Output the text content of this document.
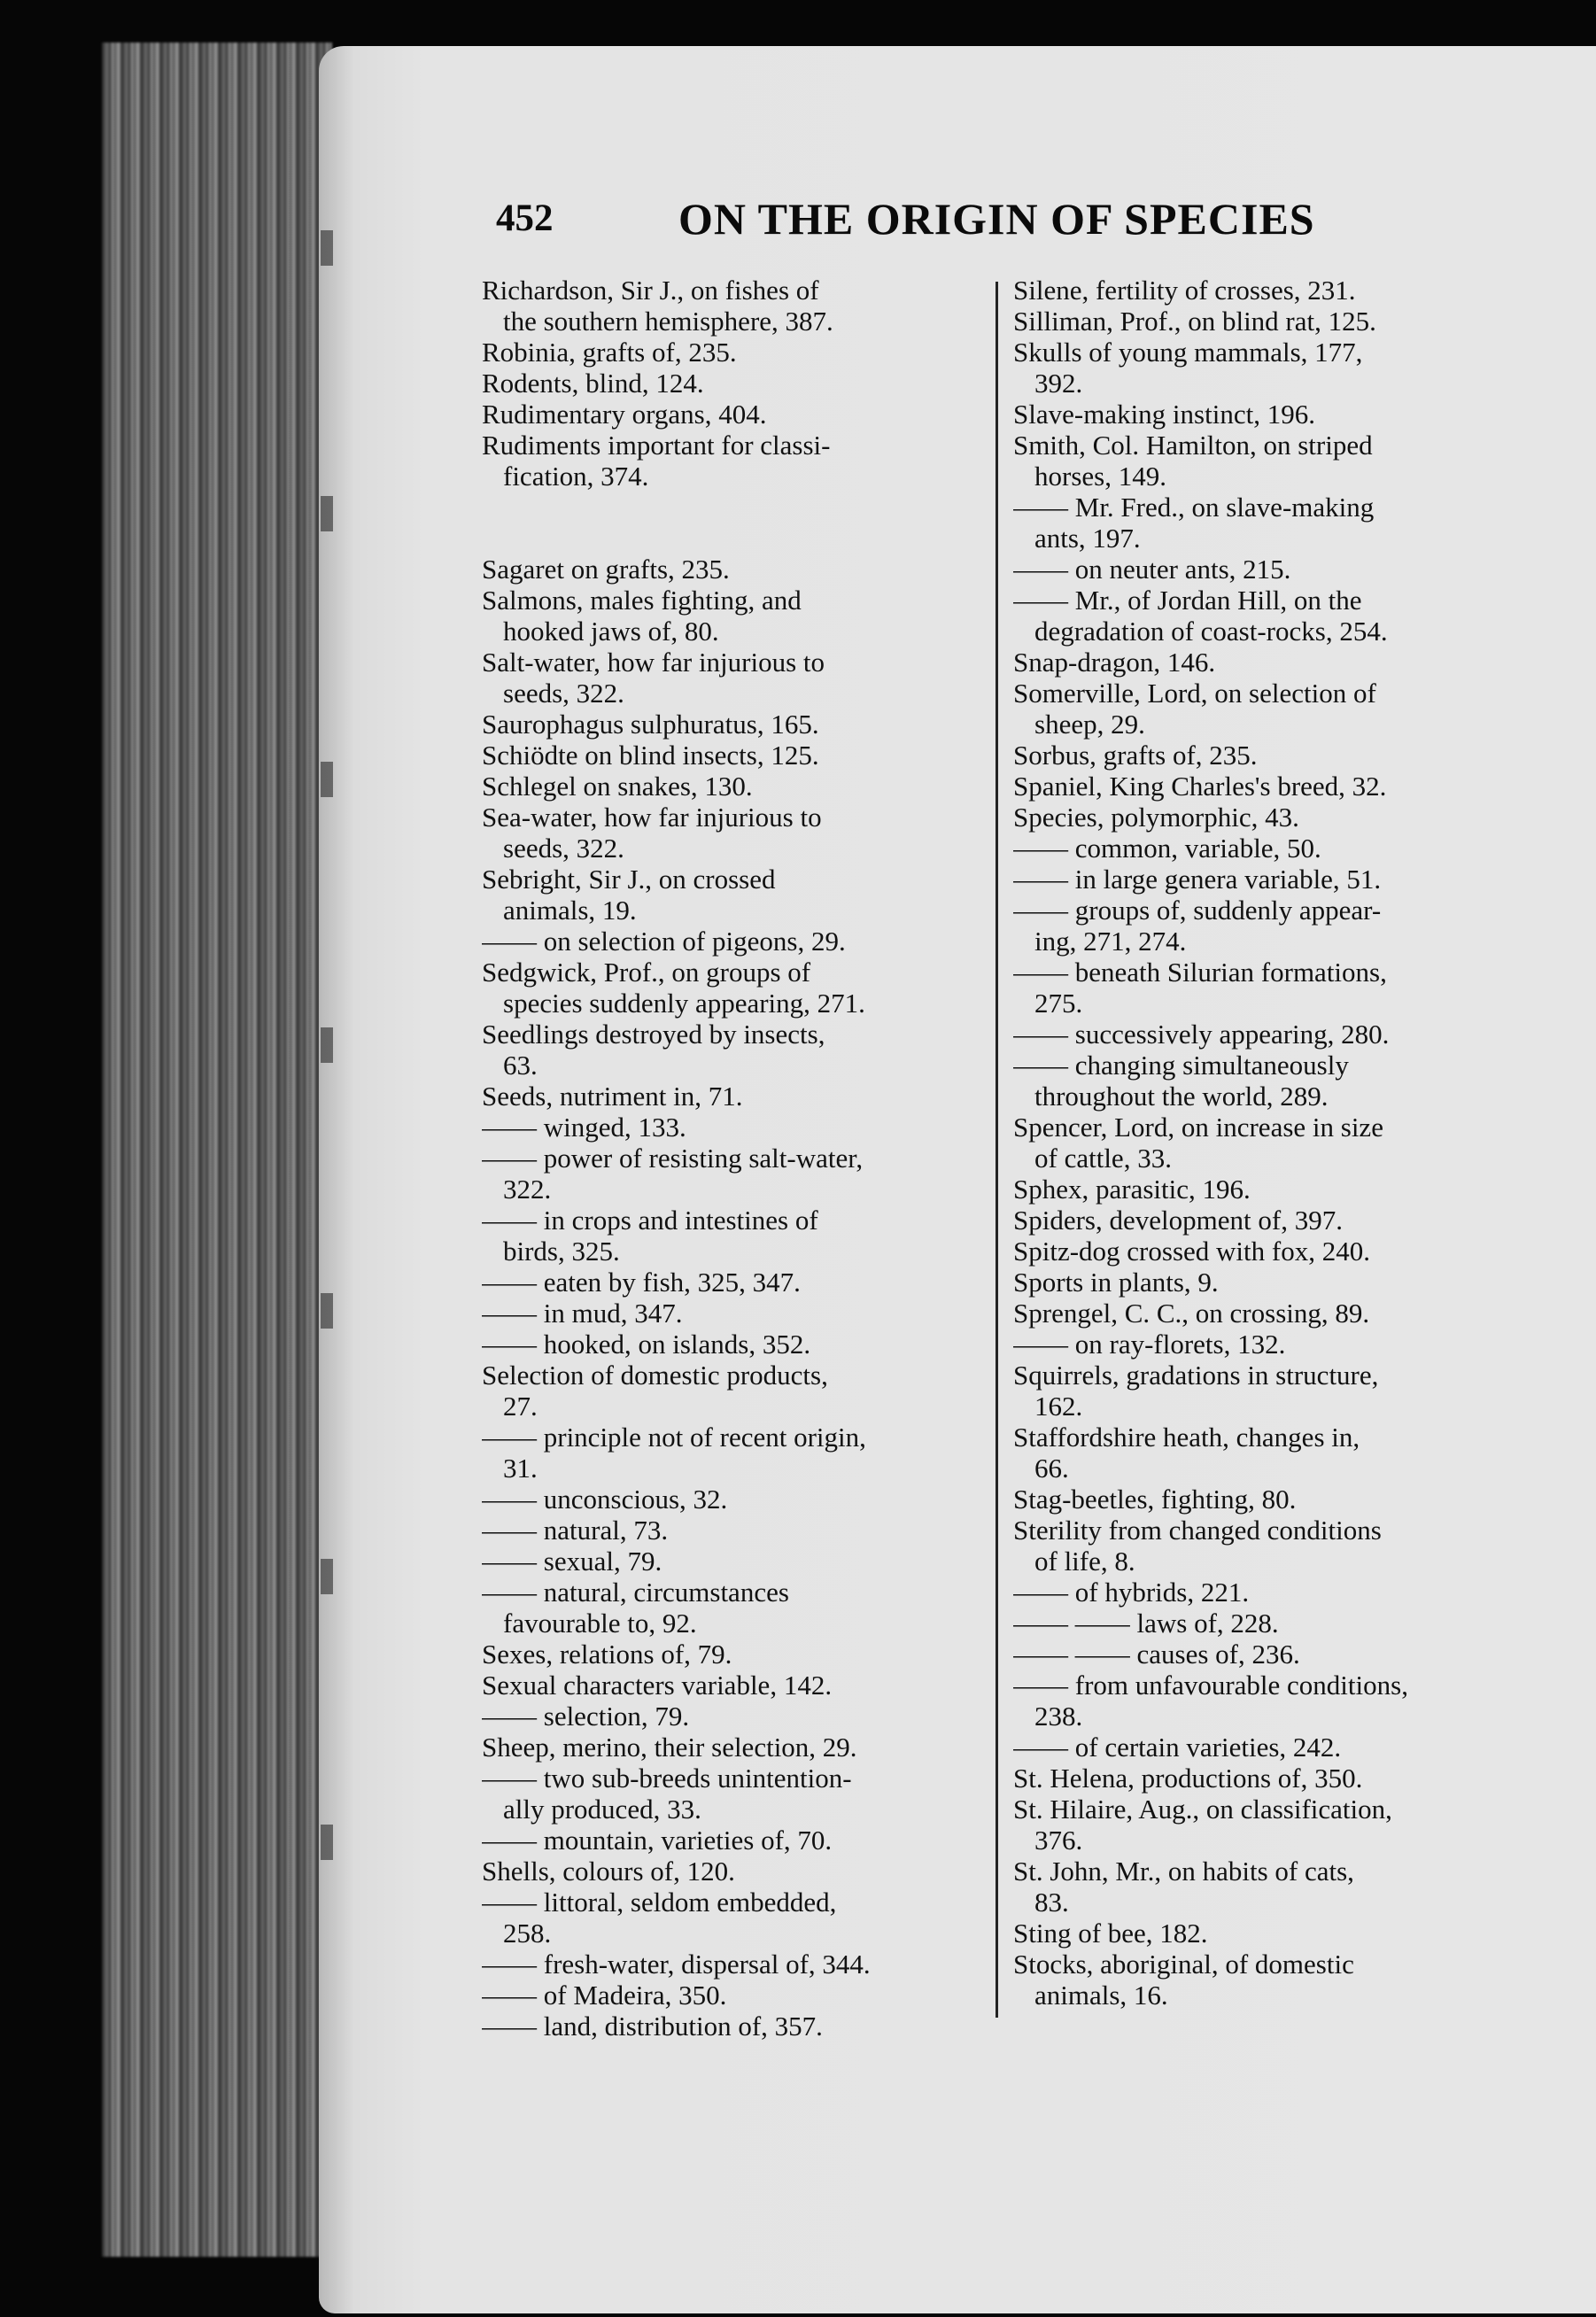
452	ON THE ORIGIN OF SPECIES
Richardson, Sir J., on fishes of
the southern hemisphere, 387.
Robinia, grafts of, 235.
Rodents, blind, 124.
Rudimentary organs, 404.
Rudiments important for classi-
fication, 374.
Sagaret on grafts, 235.
Salmons, males fighting, and
hooked jaws of, 80.
Salt-water, how far injurious to
seeds, 322.
Saurophagus sulphuratus, 165.
Schiödte on blind insects, 125.
Schlegel on snakes, 130.
Sea-water, how far injurious to
seeds, 322.
Sebright, Sir J., on crossed
animals, 19.
—— on selection of pigeons, 29.
Sedgwick, Prof., on groups of
species suddenly appearing, 271.
Seedlings destroyed by insects,
63.
Seeds, nutriment in, 71.
—— winged, 133.
—— power of resisting salt-water,
322.
—— in crops and intestines of
birds, 325.
—— eaten by fish, 325, 347.
—— in mud, 347.
—— hooked, on islands, 352.
Selection of domestic products,
27.
—— principle not of recent origin,
31.
—— unconscious, 32.
—— natural, 73.
—— sexual, 79.
—— natural, circumstances
favourable to, 92.
Sexes, relations of, 79.
Sexual characters variable, 142.
—— selection, 79.
Sheep, merino, their selection, 29.
—— two sub-breeds unintention-
ally produced, 33.
—— mountain, varieties of, 70.
Shells, colours of, 120.
—— littoral, seldom embedded,
258.
—— fresh-water, dispersal of, 344.
—— of Madeira, 350.
—— land, distribution of, 357.
Silene, fertility of crosses, 231.
Silliman, Prof., on blind rat, 125.
Skulls of young mammals, 177,
392.
Slave-making instinct, 196.
Smith, Col. Hamilton, on striped
horses, 149.
—— Mr. Fred., on slave-making
ants, 197.
—— on neuter ants, 215.
—— Mr., of Jordan Hill, on the
degradation of coast-rocks, 254.
Snap-dragon, 146.
Somerville, Lord, on selection of
sheep, 29.
Sorbus, grafts of, 235.
Spaniel, King Charles's breed, 32.
Species, polymorphic, 43.
—— common, variable, 50.
—— in large genera variable, 51.
—— groups of, suddenly appear-
ing, 271, 274.
—— beneath Silurian formations,
275.
—— successively appearing, 280.
—— changing simultaneously
throughout the world, 289.
Spencer, Lord, on increase in size
of cattle, 33.
Sphex, parasitic, 196.
Spiders, development of, 397.
Spitz-dog crossed with fox, 240.
Sports in plants, 9.
Sprengel, C. C., on crossing, 89.
—— on ray-florets, 132.
Squirrels, gradations in structure,
162.
Staffordshire heath, changes in,
66.
Stag-beetles, fighting, 80.
Sterility from changed conditions
of life, 8.
—— of hybrids, 221.
—— —— laws of, 228.
—— —— causes of, 236.
—— from unfavourable conditions,
238.
—— of certain varieties, 242.
St. Helena, productions of, 350.
St. Hilaire, Aug., on classification,
376.
St. John, Mr., on habits of cats,
83.
Sting of bee, 182.
Stocks, aboriginal, of domestic
animals, 16.
